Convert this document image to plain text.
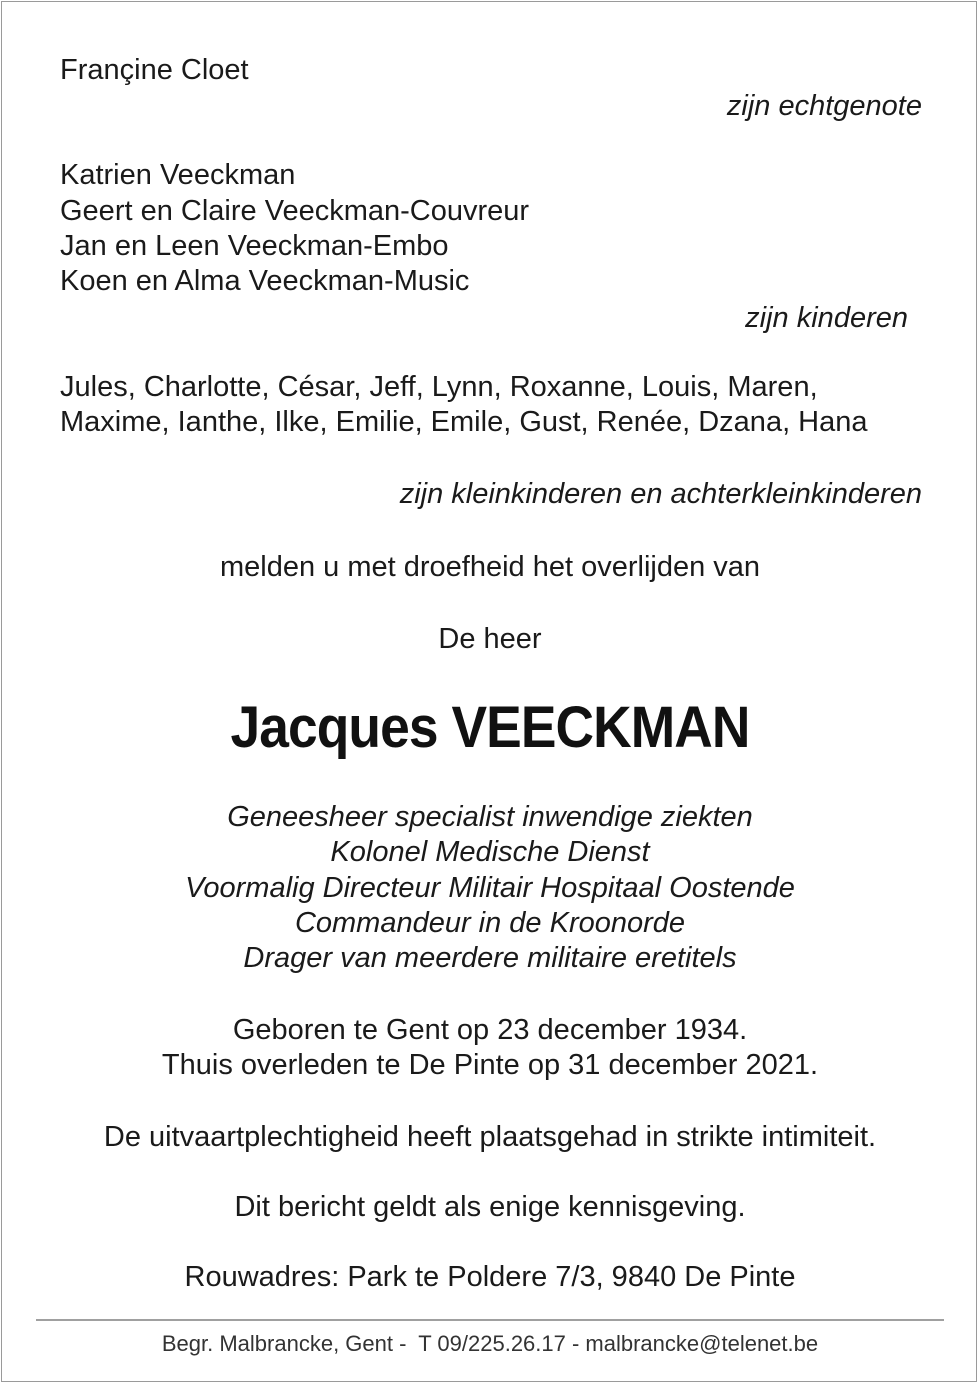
Françine Cloet
zijn echtgenote
Katrien Veeckman
Geert en Claire Veeckman-Couvreur
Jan en Leen Veeckman-Embo
Koen en Alma Veeckman-Music
zijn kinderen
Jules, Charlotte, César, Jeff, Lynn, Roxanne, Louis, Maren,
Maxime, Ianthe, Ilke, Emilie, Emile, Gust, Renée, Dzana, Hana
zijn kleinkinderen en achterkleinkinderen
melden u met droefheid het overlijden van
De heer
Jacques VEECKMAN
Geneesheer specialist inwendige ziekten
Kolonel Medische Dienst
Voormalig Directeur Militair Hospitaal Oostende
Commandeur in de Kroonorde
Drager van meerdere militaire eretitels
Geboren te Gent op 23 december 1934.
Thuis overleden te De Pinte op 31 december 2021.
De uitvaartplechtigheid heeft plaatsgehad in strikte intimiteit.
Dit bericht geldt als enige kennisgeving.
Rouwadres: Park te Poldere 7/3, 9840 De Pinte
Begr. Malbrancke, Gent -  T 09/225.26.17 - malbrancke@telenet.be
